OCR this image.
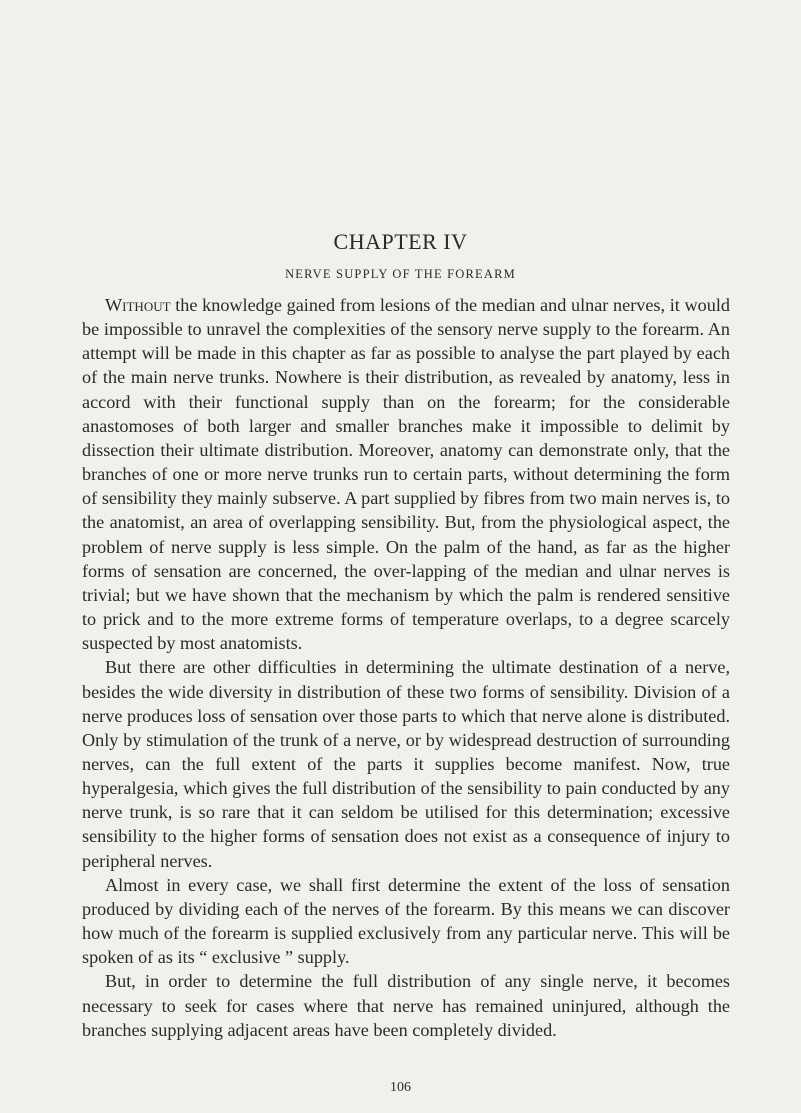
CHAPTER IV
NERVE SUPPLY OF THE FOREARM

Without the knowledge gained from lesions of the median and ulnar nerves, it would be impossible to unravel the complexities of the sensory nerve supply to the forearm. An attempt will be made in this chapter as far as possible to analyse the part played by each of the main nerve trunks. Nowhere is their distribution, as revealed by anatomy, less in accord with their functional supply than on the forearm; for the considerable anastomoses of both larger and smaller branches make it impossible to delimit by dissection their ultimate distribution. Moreover, anatomy can demonstrate only, that the branches of one or more nerve trunks run to certain parts, without determining the form of sensibility they mainly subserve. A part supplied by fibres from two main nerves is, to the anatomist, an area of overlapping sensibility. But, from the physiological aspect, the problem of nerve supply is less simple. On the palm of the hand, as far as the higher forms of sensation are concerned, the over-lapping of the median and ulnar nerves is trivial; but we have shown that the mechanism by which the palm is rendered sensitive to prick and to the more extreme forms of temperature overlaps, to a degree scarcely suspected by most anatomists.

But there are other difficulties in determining the ultimate destination of a nerve, besides the wide diversity in distribution of these two forms of sensibility. Division of a nerve produces loss of sensation over those parts to which that nerve alone is distributed. Only by stimulation of the trunk of a nerve, or by widespread destruction of surrounding nerves, can the full extent of the parts it supplies become manifest. Now, true hyperalgesia, which gives the full distribution of the sensibility to pain conducted by any nerve trunk, is so rare that it can seldom be utilised for this determination; excessive sensibility to the higher forms of sensation does not exist as a consequence of injury to peripheral nerves.

Almost in every case, we shall first determine the extent of the loss of sensation produced by dividing each of the nerves of the forearm. By this means we can discover how much of the forearm is supplied exclusively from any particular nerve. This will be spoken of as its “ exclusive ” supply.

But, in order to determine the full distribution of any single nerve, it becomes necessary to seek for cases where that nerve has remained uninjured, although the branches supplying adjacent areas have been completely divided.

106
